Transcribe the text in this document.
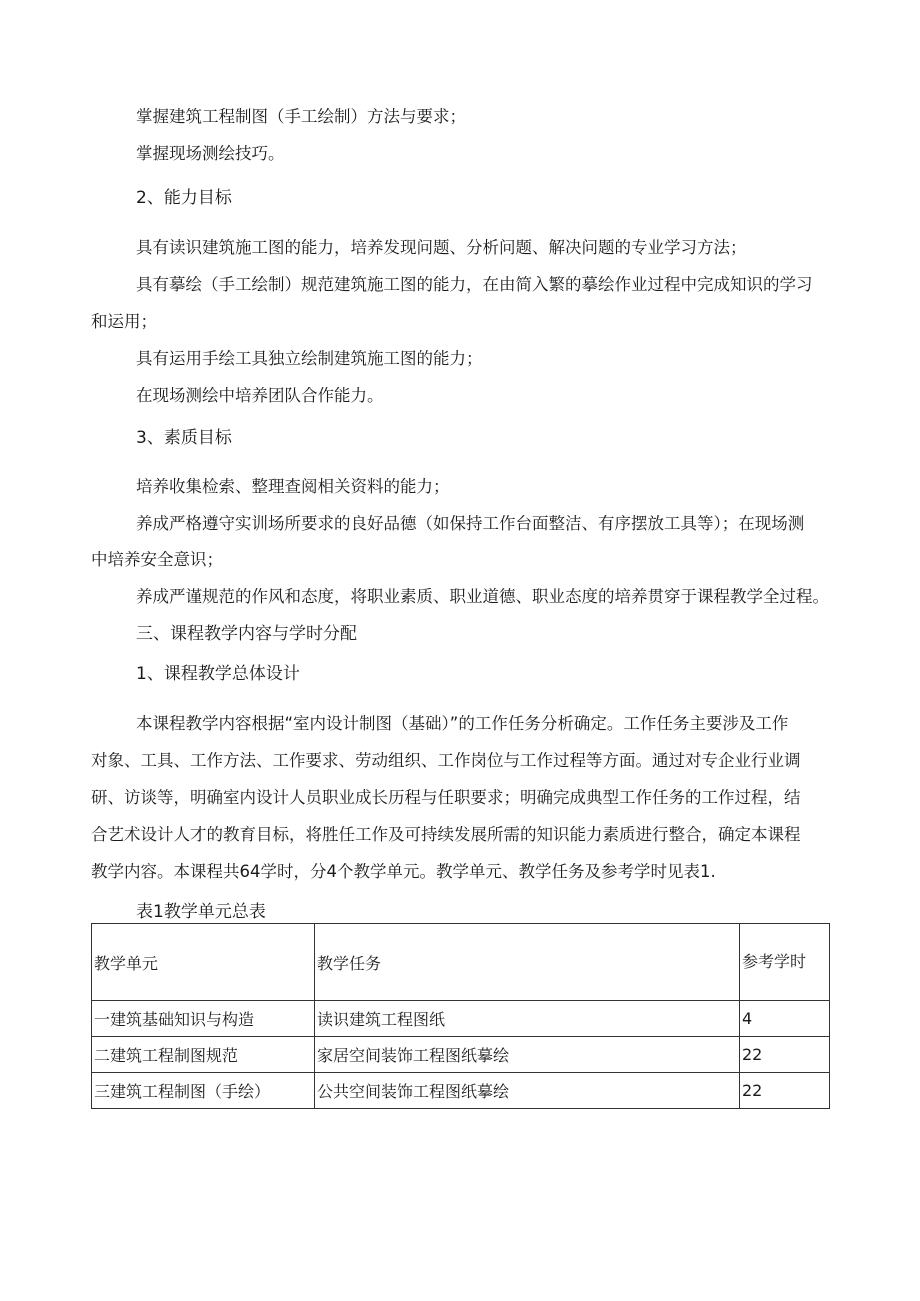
掌握建筑工程制图（手工绘制）方法与要求；

掌握现场测绘技巧。

2、能力目标

具有读识建筑施工图的能力，培养发现问题、分析问题、解决问题的专业学习方法；

具有摹绘（手工绘制）规范建筑施工图的能力，在由简入繁的摹绘作业过程中完成知识的学习

和运用；

具有运用手绘工具独立绘制建筑施工图的能力；

在现场测绘中培养团队合作能力。

3、素质目标

培养收集检索、整理查阅相关资料的能力；

养成严格遵守实训场所要求的良好品德（如保持工作台面整洁、有序摆放工具等）；在现场测

中培养安全意识；

养成严谨规范的作风和态度，将职业素质、职业道德、职业态度的培养贯穿于课程教学全过程。

三、课程教学内容与学时分配

1、课程教学总体设计

本课程教学内容根据“室内设计制图（基础）”的工作任务分析确定。工作任务主要涉及工作

对象、工具、工作方法、工作要求、劳动组织、工作岗位与工作过程等方面。通过对专企业行业调

研、访谈等，明确室内设计人员职业成长历程与任职要求；明确完成典型工作任务的工作过程，结

合艺术设计人才的教育目标，将胜任工作及可持续发展所需的知识能力素质进行整合，确定本课程

教学内容。本课程共64学时，分4个教学单元。教学单元、教学任务及参考学时见表1.

表1教学单元总表
教学单元	教学任务	参考学时
一建筑基础知识与构造	读识建筑工程图纸	4
二建筑工程制图规范	家居空间装饰工程图纸摹绘	22
三建筑工程制图（手绘）	公共空间装饰工程图纸摹绘	22
